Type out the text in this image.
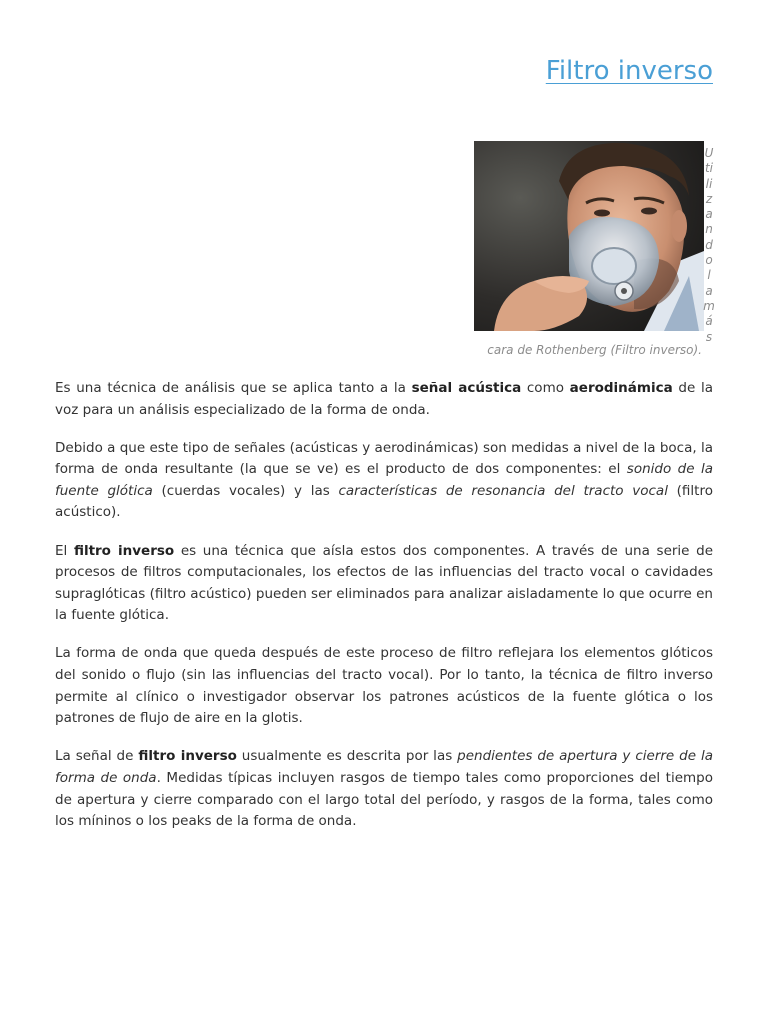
Filtro inverso
U
ti
li
z
a
n
d
o
l
a
m
á
s
cara de Rothenberg (Filtro inverso).

Es una técnica de análisis que se aplica tanto a la señal acústica como aerodinámica de la voz para un análisis especializado de la forma de onda.

Debido a que este tipo de señales (acústicas y aerodinámicas) son medidas a nivel de la boca, la forma de onda resultante (la que se ve) es el producto de dos componentes: el sonido de la fuente glótica (cuerdas vocales) y las características de resonancia del tracto vocal (filtro acústico).

El filtro inverso es una técnica que aísla estos dos componentes. A través de una serie de procesos de filtros computacionales, los efectos de las influencias del tracto vocal o cavidades supraglóticas (filtro acústico) pueden ser eliminados para analizar aisladamente lo que ocurre en la fuente glótica.

La forma de onda que queda después de este proceso de filtro reflejara los elementos glóticos del sonido o flujo (sin las influencias del tracto vocal). Por lo tanto, la técnica de filtro inverso permite al clínico o investigador observar los patrones acústicos de la fuente glótica o los patrones de flujo de aire en la glotis.

La señal de filtro inverso usualmente es descrita por las pendientes de apertura y cierre de la forma de onda. Medidas típicas incluyen rasgos de tiempo tales como proporciones del tiempo de apertura y cierre comparado con el largo total del período, y rasgos de la forma, tales como los míninos o los peaks de la forma de onda.
